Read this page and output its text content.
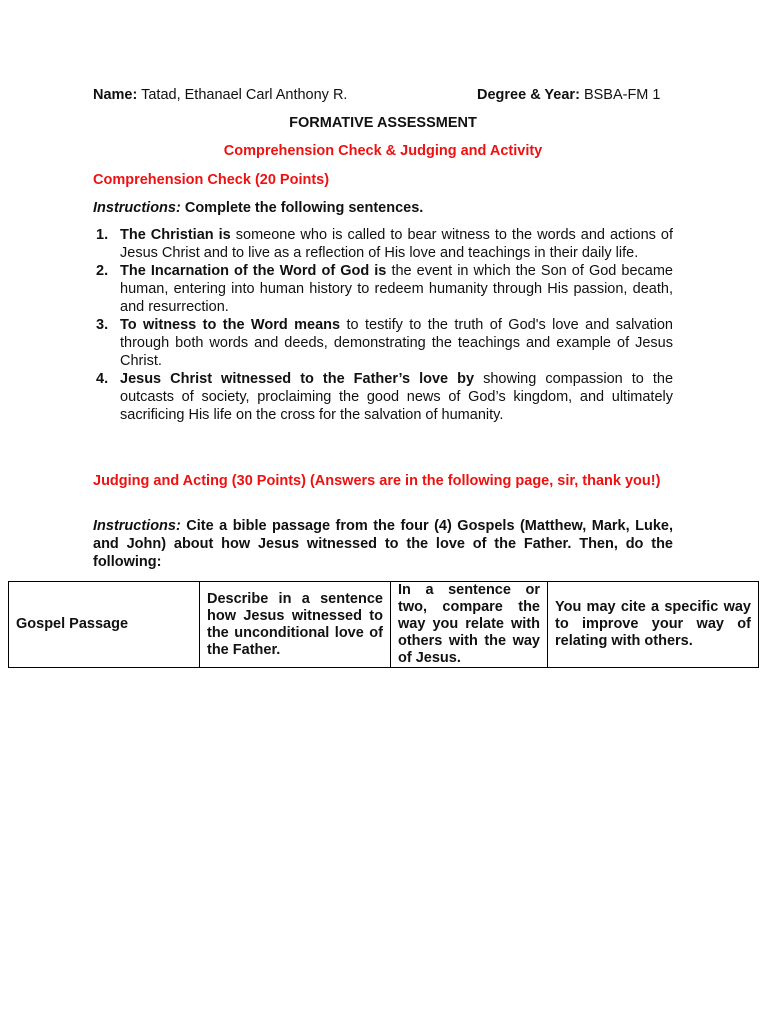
Name: Tatad, Ethanael Carl Anthony R.	Degree & Year: BSBA-FM 1
FORMATIVE ASSESSMENT
Comprehension Check & Judging and Activity
Comprehension Check (20 Points)
Instructions: Complete the following sentences.
1. The Christian is someone who is called to bear witness to the words and actions of Jesus Christ and to live as a reflection of His love and teachings in their daily life.
2. The Incarnation of the Word of God is the event in which the Son of God became human, entering into human history to redeem humanity through His passion, death, and resurrection.
3. To witness to the Word means to testify to the truth of God's love and salvation through both words and deeds, demonstrating the teachings and example of Jesus Christ.
4. Jesus Christ witnessed to the Father’s love by showing compassion to the outcasts of society, proclaiming the good news of God’s kingdom, and ultimately sacrificing His life on the cross for the salvation of humanity.
Judging and Acting (30 Points) (Answers are in the following page, sir, thank you!)
Instructions: Cite a bible passage from the four (4) Gospels (Matthew, Mark, Luke, and John) about how Jesus witnessed to the love of the Father. Then, do the following:
Gospel Passage	Describe in a sentence how Jesus witnessed to the unconditional love of the Father.	In a sentence or two, compare the way you relate with others with the way of Jesus.	You may cite a specific way to improve your way of relating with others.
